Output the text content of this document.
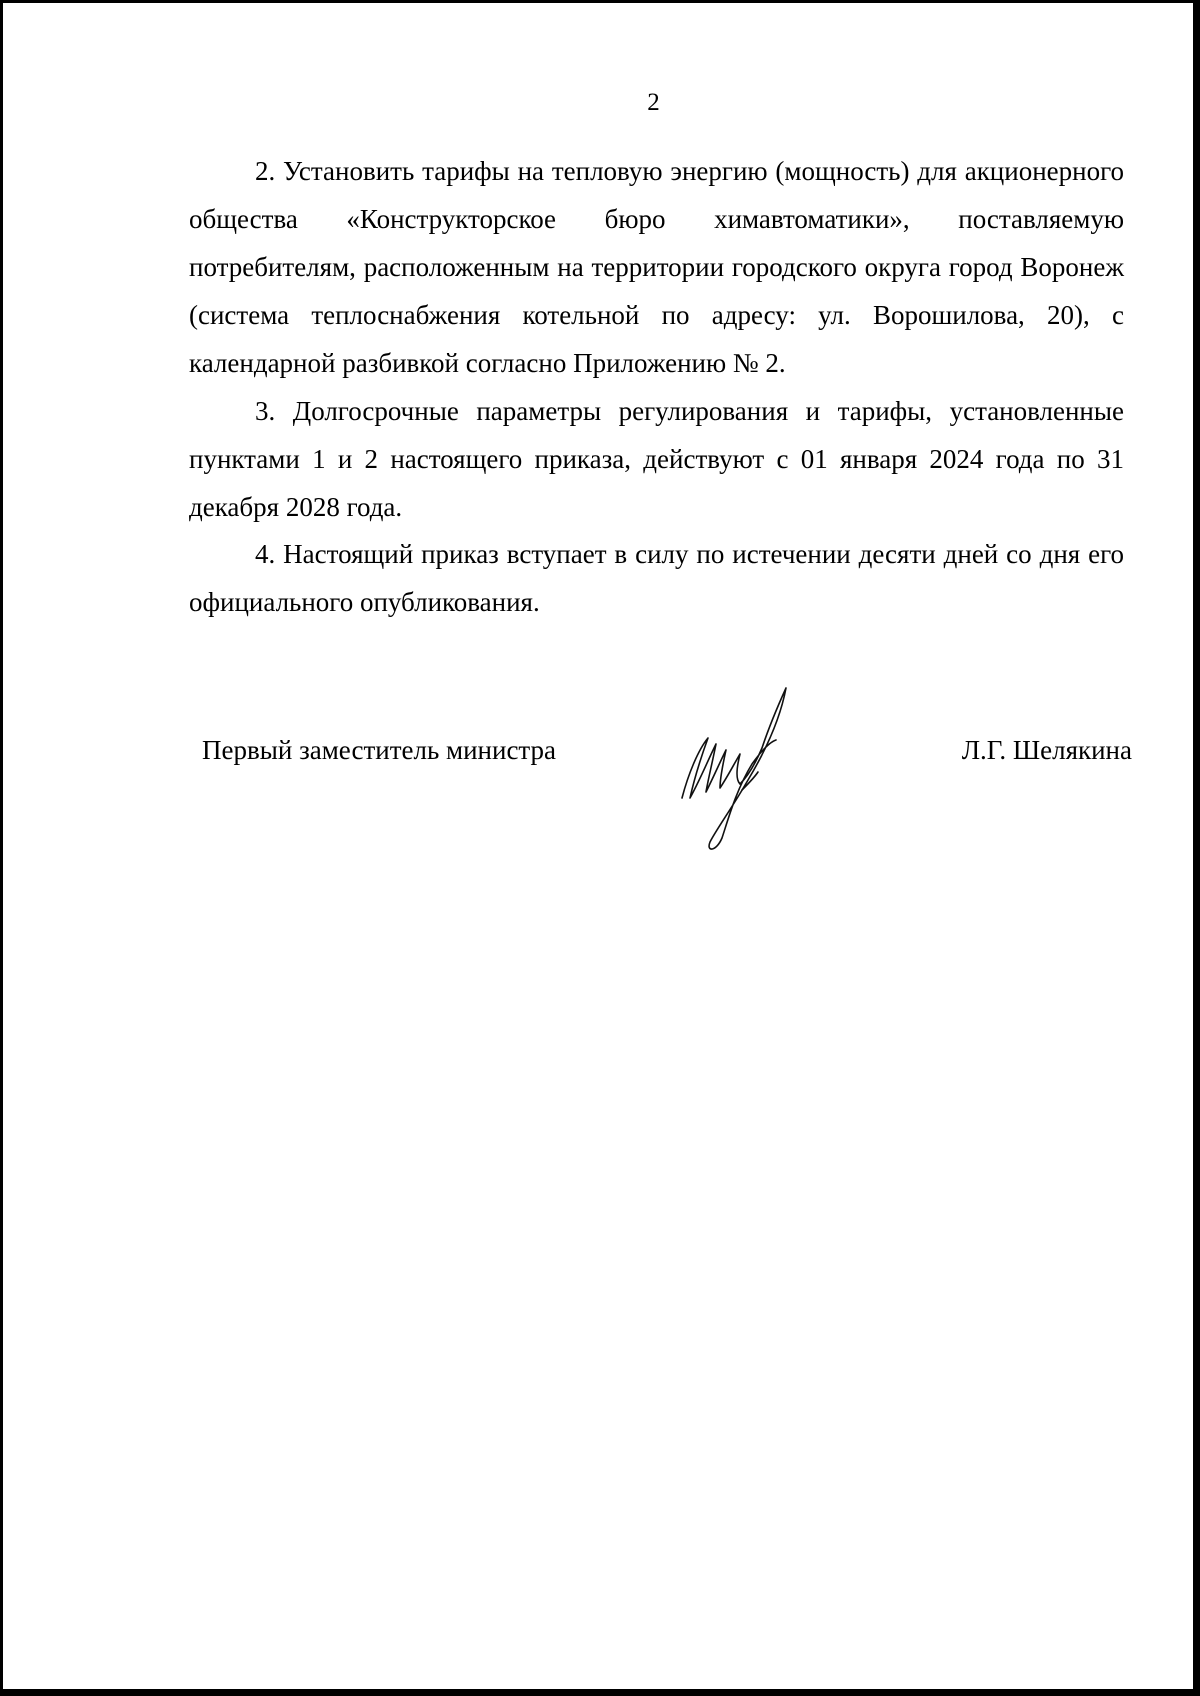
2

2. Установить тарифы на тепловую энергию (мощность) для акционерного общества «Конструкторское бюро химавтоматики», поставляемую потребителям, расположенным на территории городского округа город Воронеж (система теплоснабжения котельной по адресу: ул. Ворошилова, 20), с календарной разбивкой согласно Приложению № 2.

3. Долгосрочные параметры регулирования и тарифы, установленные пунктами 1 и 2 настоящего приказа, действуют с 01 января 2024 года по 31 декабря 2028 года.

4. Настоящий приказ вступает в силу по истечении десяти дней со дня его официального опубликования.

Первый заместитель министра	Л.Г. Шелякина
